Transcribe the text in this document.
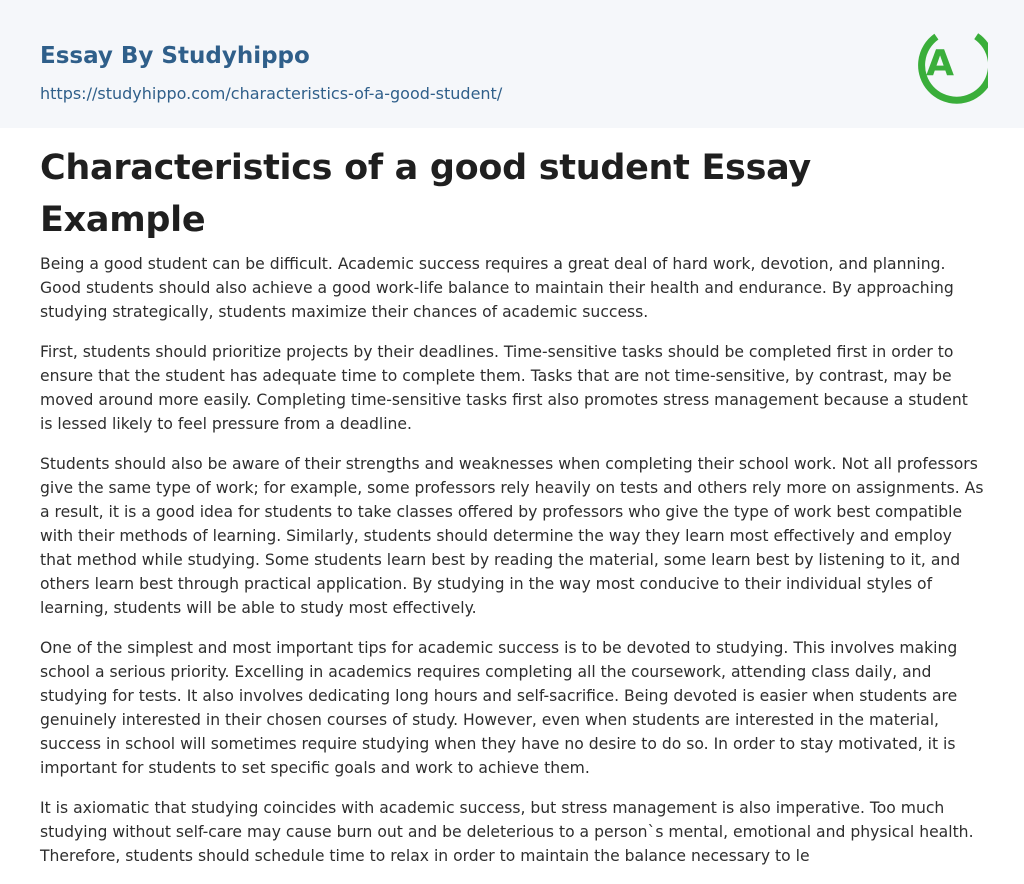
Essay By Studyhippo
https://studyhippo.com/characteristics-of-a-good-student/
A
Characteristics of a good student Essay Example

Being a good student can be difficult. Academic success requires a great deal of hard work, devotion, and planning. Good students should also achieve a good work-life balance to maintain their health and endurance. By approaching studying strategically, students maximize their chances of academic success.

First, students should prioritize projects by their deadlines. Time-sensitive tasks should be completed first in order to ensure that the student has adequate time to complete them. Tasks that are not time-sensitive, by contrast, may be moved around more easily. Completing time-sensitive tasks first also promotes stress management because a student is lessed likely to feel pressure from a deadline.

Students should also be aware of their strengths and weaknesses when completing their school work. Not all professors give the same type of work; for example, some professors rely heavily on tests and others rely more on assignments. As a result, it is a good idea for students to take classes offered by professors who give the type of work best compatible with their methods of learning. Similarly, students should determine the way they learn most effectively and employ that method while studying. Some students learn best by reading the material, some learn best by listening to it, and others learn best through practical application. By studying in the way most conducive to their individual styles of learning, students will be able to study most effectively.

One of the simplest and most important tips for academic success is to be devoted to studying. This involves making school a serious priority. Excelling in academics requires completing all the coursework, attending class daily, and studying for tests. It also involves dedicating long hours and self-sacrifice. Being devoted is easier when students are genuinely interested in their chosen courses of study. However, even when students are interested in the material, success in school will sometimes require studying when they have no desire to do so. In order to stay motivated, it is important for students to set specific goals and work to achieve them.

It is axiomatic that studying coincides with academic success, but stress management is also imperative. Too much studying without self-care may cause burn out and be deleterious to a person`s mental, emotional and physical health. Therefore, students should schedule time to relax in order to maintain the balance necessary to le
